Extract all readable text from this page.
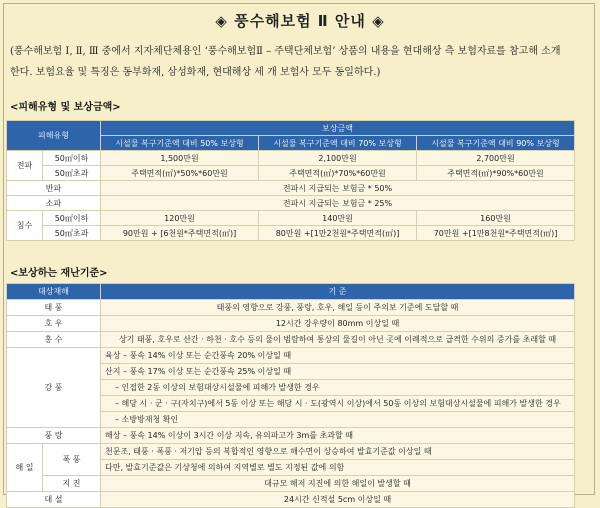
◈ 풍수해보험 Ⅱ 안내 ◈
(풍수해보험 Ⅰ, Ⅱ, Ⅲ 중에서 지자체단체용인 ‘풍수해보험Ⅱ – 주택단체보험’ 상품의 내용을 현대해상 측 보험자료를 참고해 소개
한다. 보험요율 및 특징은 동부화재, 삼성화재, 현대해상 세 개 보험사 모두 동일하다.)
<피해유형 및 보상금액>
피해유형		보상금액		
		시설물 복구기준액 대비 50% 보상형	시설물 복구기준액 대비 70% 보상형	시설물 복구기준액 대비 90% 보상형
전파	50㎡이하	1,500만원	2,100만원	2,700만원
	50㎡초과	주택면적(㎡)*50%*60만원	주택면적(㎡)*70%*60만원	주택면적(㎡)*90%*60만원
반파		전파시 지급되는 보험금 * 50%		
소파		전파시 지급되는 보험금 * 25%		
침수	50㎡이하	120만원	140만원	160만원
	50㎡초과	90만원 + [6천원*주택면적(㎡)]	80만원 +[1만2천원*주택면적(㎡)]	70만원 +[1만8천원*주택면적(㎡)]
<보상하는 재난기준>
대상재해		기 준
태 풍		태풍의 영향으로 강풍, 풍랑, 호우, 해일 등이 주의보 기준에 도달할 때
호 우		12시간 강우량이 80mm 이상일 때
홍 수		상기 태풍, 호우로 산간 · 하천 · 호수 등의 물이 범람하여 통상의 물길이 아닌 곳에 이례적으로 급격한 수위의 증가를 초래할 때
강 풍		육상 – 풍속 14% 이상 또는 순간풍속 20% 이상일 때
		산지 – 풍속 17% 이상 또는 순간풍속 25% 이상일 때
		– 인접한 2동 이상의 보험대상시설물에 피해가 발생한 경우
		– 해당 시 · 군 · 구(자치구)에서 5동 이상 또는 해당 시 · 도(광역시 이상)에서 50동 이상의 보험대상시설물에 피해가 발생한 경우
		– 소방방재청 확인
풍 랑		해상 – 풍속 14% 이상이 3시간 이상 지속, 유의파고가 3m를 초과할 때
해 일	폭 풍	천문조, 태풍 · 폭풍 · 저기압 등의 복합적인 영향으로 해수면이 상승하여 발효기준값 이상일 때
		다만, 발효기준값은 기상청에 의하여 지역별로 별도 지정된 값에 의함
	지 진	대규모 해저 지진에 의한 해일이 발생할 때
대 설		24시간 신적설 5cm 이상일 때
